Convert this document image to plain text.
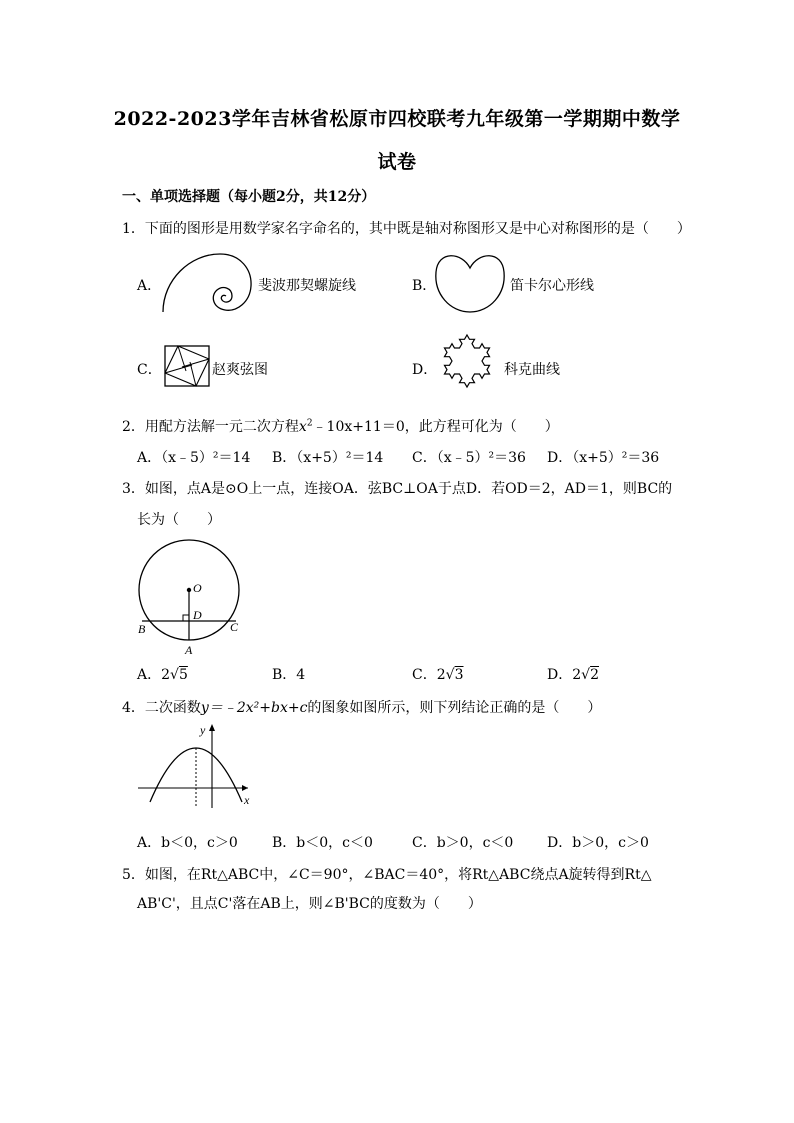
2022-2023学年吉林省松原市四校联考九年级第一学期期中数学
试卷
一、单项选择题（每小题2分，共12分）
1．下面的图形是用数学家名字命名的，其中既是轴对称图形又是中心对称图形的是（　　）
A．	斐波那契螺旋线	B．	笛卡尔心形线
C．	赵爽弦图	D．	科克曲线
2．用配方法解一元二次方程$x^2﹣10x+11=0$，此方程可化为（　　）
A．（x﹣5）²＝14 B．（x+5）²＝14 C．（x﹣5）²＝36 D．（x+5）²＝36
3．如图，点A是⊙O上一点，连接OA．弦BC⊥OA于点D．若OD＝2，AD＝1，则BC的
长为（　　）
O
D
B	C
A
A．2√5	B．4	C．2√3	D．2√2
4．二次函数y＝﹣2x²+bx+c的图象如图所示，则下列结论正确的是（　　）
x
y
A．b＜0，c＞0 B．b＜0，c＜0	C．b＞0，c＜0 D．b＞0，c＞0
5．如图，在Rt△ABC中，∠C＝90°，∠BAC＝40°，将Rt△ABC绕点A旋转得到Rt△
AB'C'，且点C'落在AB上，则∠B'BC的度数为（　　）
